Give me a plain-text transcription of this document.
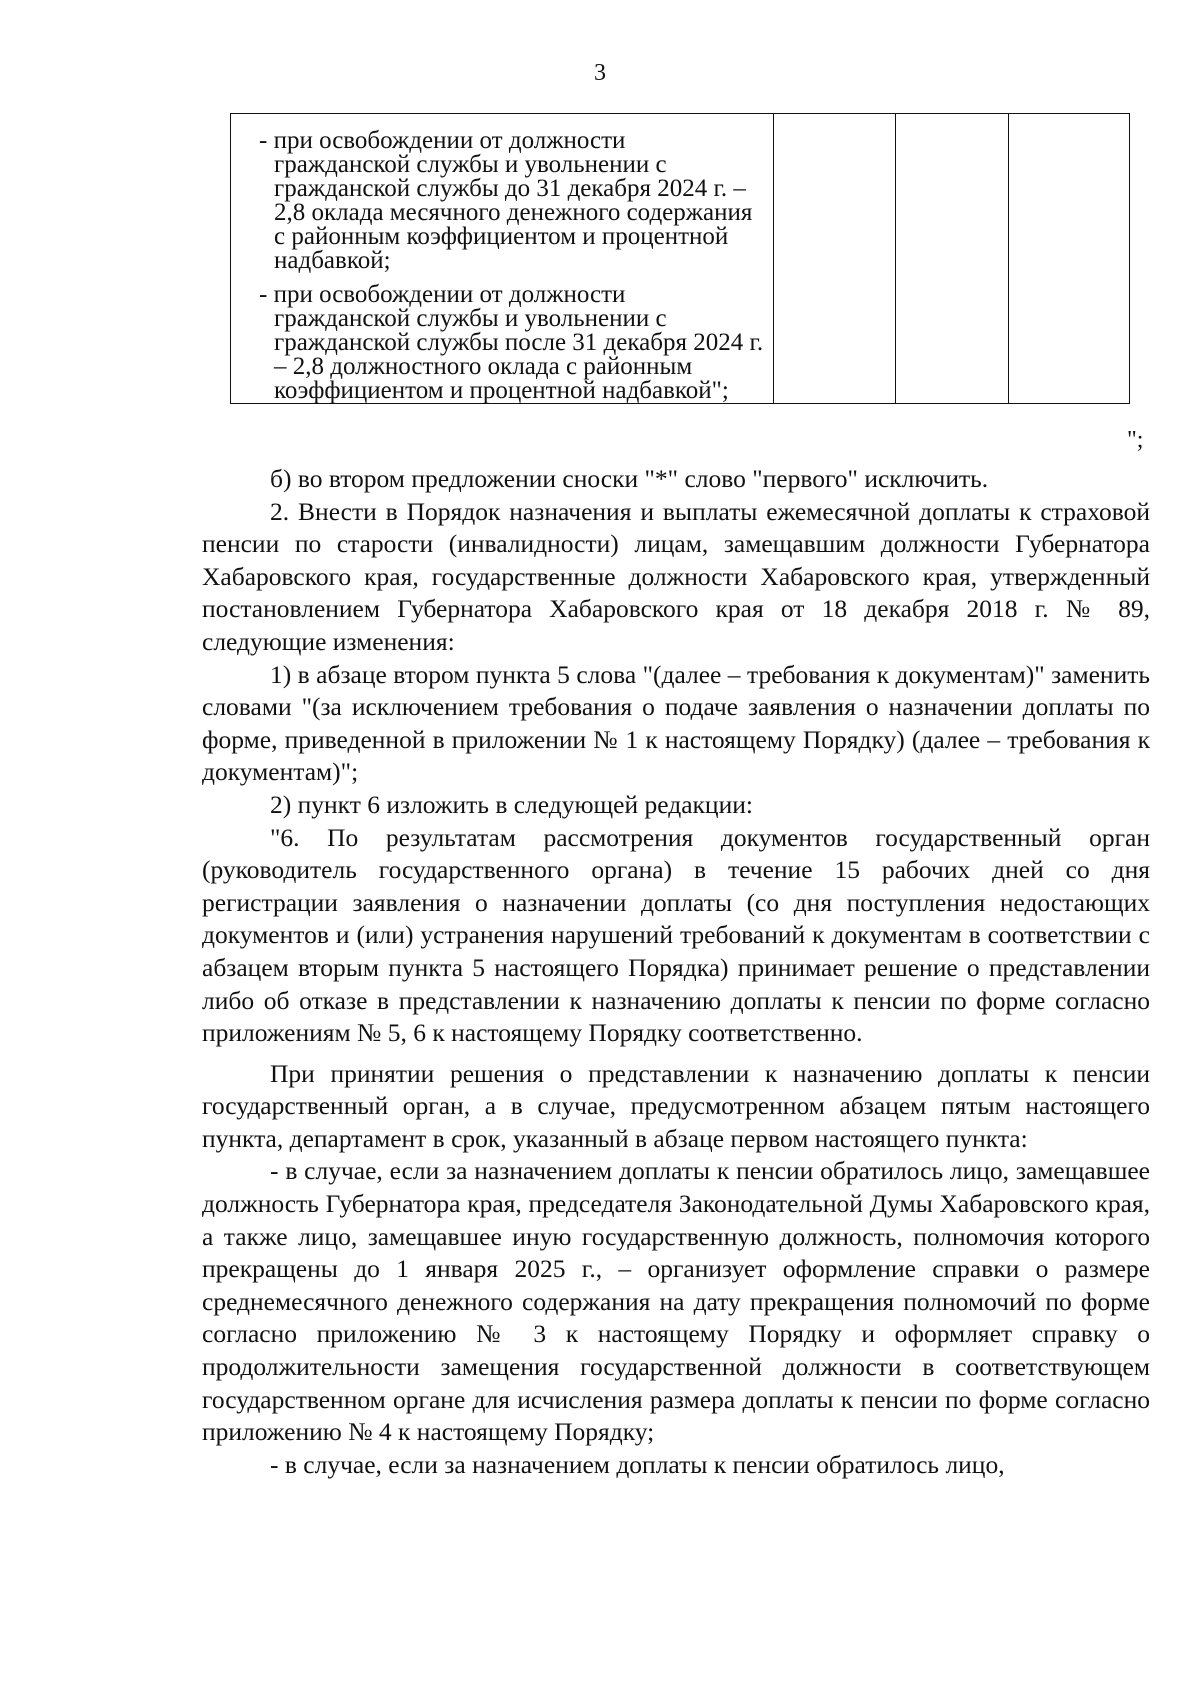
3

- при освобождении от должности гражданской службы и увольнении с гражданской службы до 31 декабря 2024 г. – 2,8 оклада месячного денежного содержания с районным коэффициентом и процентной надбавкой;

- при освобождении от должности гражданской службы и увольнении с гражданской службы после 31 декабря 2024 г. – 2,8 должностного оклада с районным коэффициентом и процентной надбавкой";

";

б) во втором предложении сноски "*" слово "первого" исключить.

2. Внести в Порядок назначения и выплаты ежемесячной доплаты к страховой пенсии по старости (инвалидности) лицам, замещавшим должности Губернатора Хабаровского края, государственные должности Хабаровского края, утвержденный постановлением Губернатора Хабаровского края от 18 декабря 2018 г. № 89, следующие изменения:

1) в абзаце втором пункта 5 слова "(далее – требования к документам)" заменить словами "(за исключением требования о подаче заявления о назначении доплаты по форме, приведенной в приложении № 1 к настоящему Порядку) (далее – требования к документам)";

2) пункт 6 изложить в следующей редакции:

"6. По результатам рассмотрения документов государственный орган (руководитель государственного органа) в течение 15 рабочих дней со дня регистрации заявления о назначении доплаты (со дня поступления недостающих документов и (или) устранения нарушений требований к документам в соответствии с абзацем вторым пункта 5 настоящего Порядка) принимает решение о представлении либо об отказе в представлении к назначению доплаты к пенсии по форме согласно приложениям № 5, 6 к настоящему Порядку соответственно.

При принятии решения о представлении к назначению доплаты к пенсии государственный орган, а в случае, предусмотренном абзацем пятым настоящего пункта, департамент в срок, указанный в абзаце первом настоящего пункта:

- в случае, если за назначением доплаты к пенсии обратилось лицо, замещавшее должность Губернатора края, председателя Законодательной Думы Хабаровского края, а также лицо, замещавшее иную государственную должность, полномочия которого прекращены до 1 января 2025 г., – организует оформление справки о размере среднемесячного денежного содержания на дату прекращения полномочий по форме согласно приложению № 3 к настоящему Порядку и оформляет справку о продолжительности замещения государственной должности в соответствующем государственном органе для исчисления размера доплаты к пенсии по форме согласно приложению № 4 к настоящему Порядку;

- в случае, если за назначением доплаты к пенсии обратилось лицо,
